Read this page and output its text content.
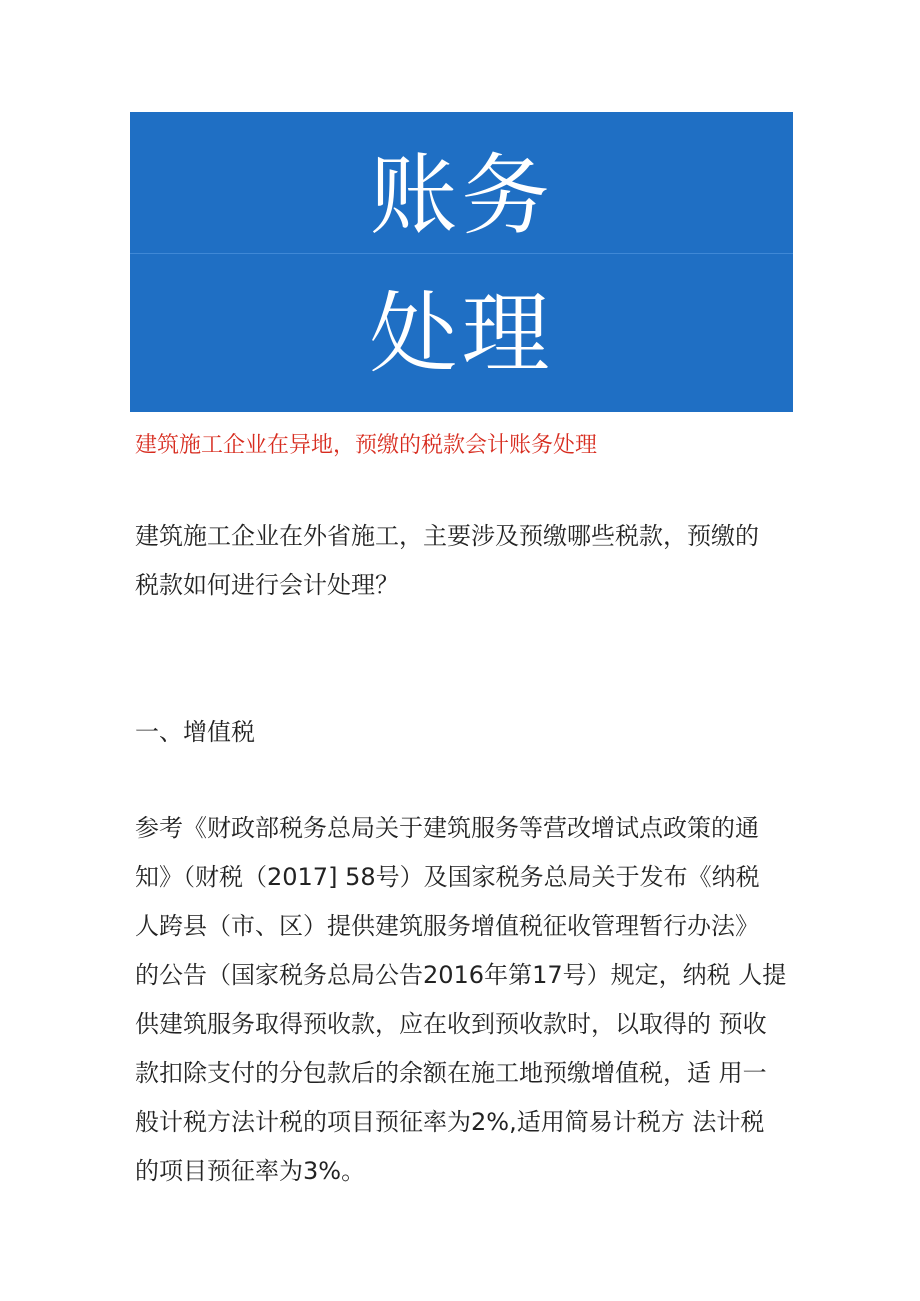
账务
处理
建筑施工企业在异地，预缴的税款会计账务处理
建筑施工企业在外省施工，主要涉及预缴哪些税款，预缴的
税款如何进行会计处理？
一、增值税
参考《财政部税务总局关于建筑服务等营改增试点政策的通
知》（财税（2017] 58号）及国家税务总局关于发布《纳税
人跨县（市、区）提供建筑服务增值税征收管理暂行办法》
的公告（国家税务总局公告2016年第17号）规定，纳税 人提
供建筑服务取得预收款，应在收到预收款时，以取得的 预收
款扣除支付的分包款后的余额在施工地预缴增值税，适 用一
般计税方法计税的项目预征率为2%,适用简易计税方 法计税
的项目预征率为3%。
